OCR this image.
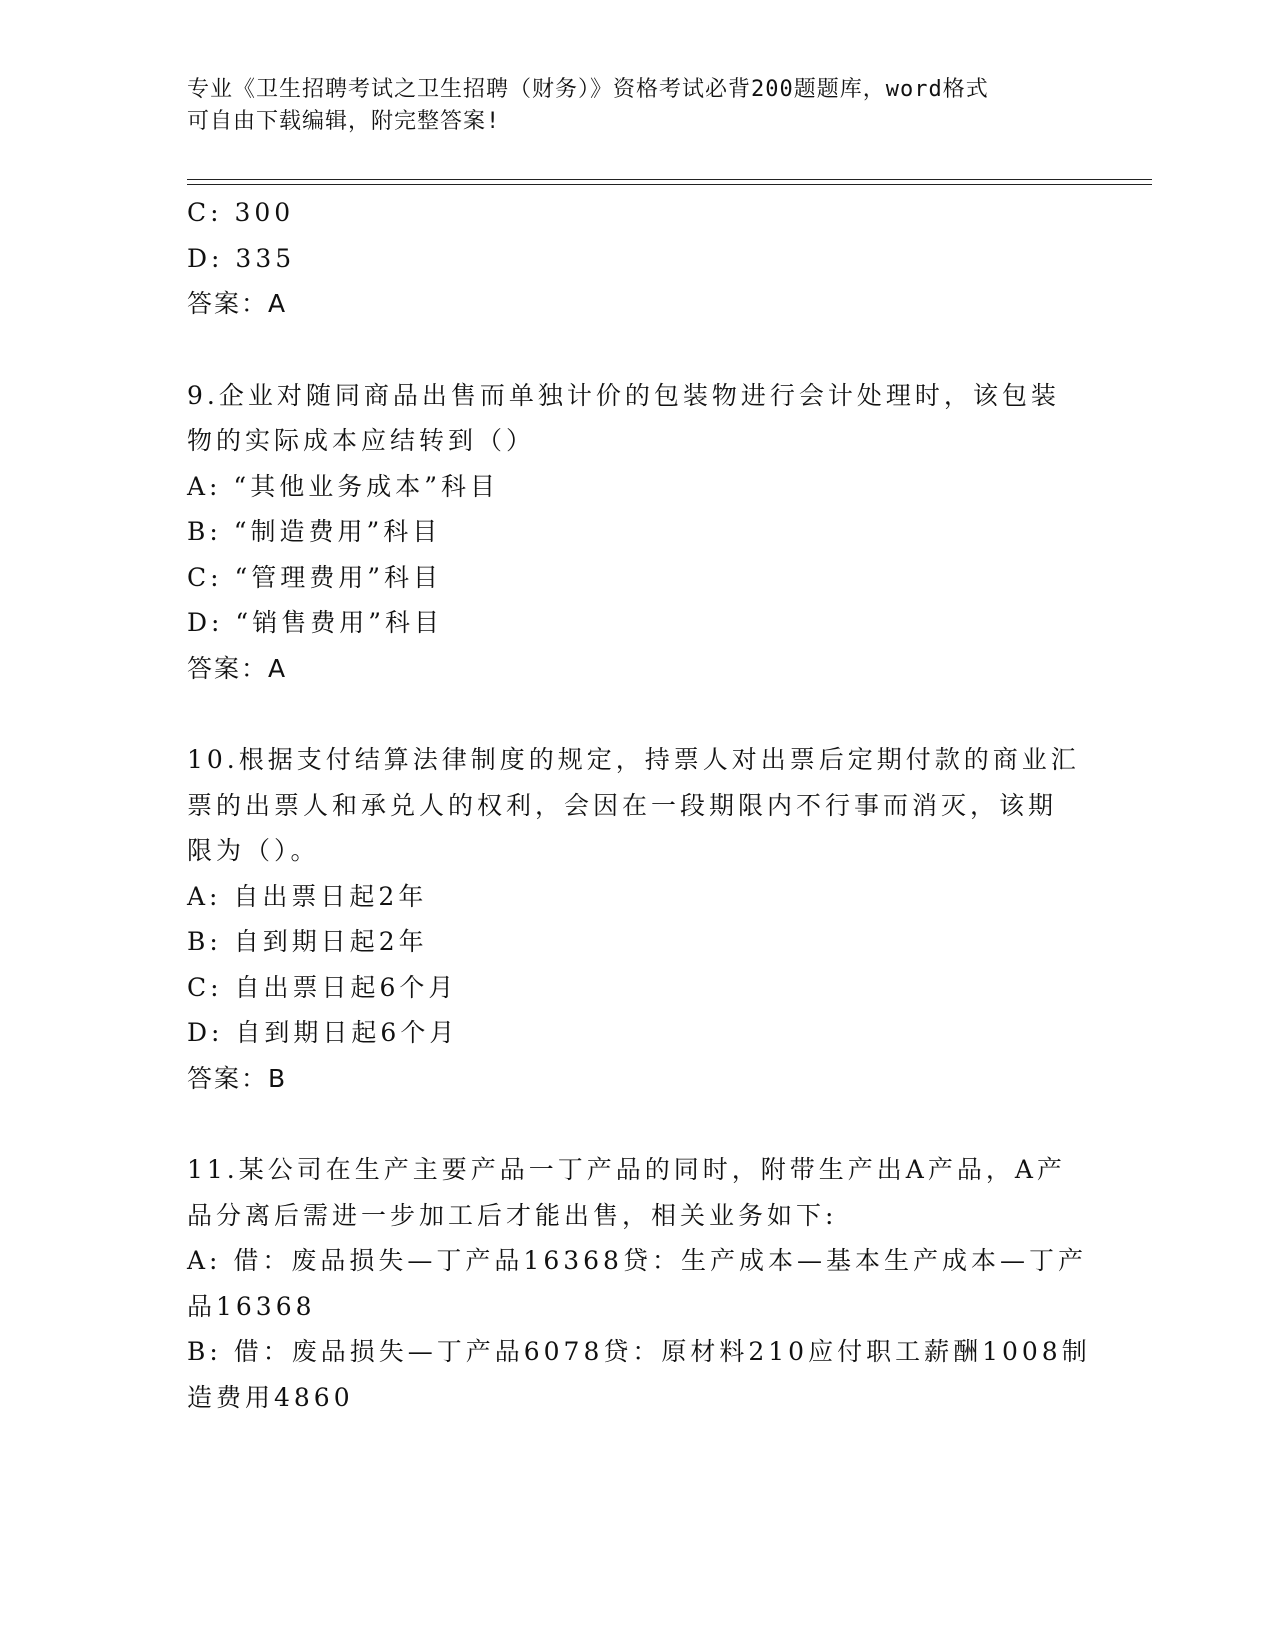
专业《卫生招聘考试之卫生招聘（财务）》资格考试必背200题题库，word格式
可自由下载编辑，附完整答案!
C: 300
D: 335
答案：A
9.企业对随同商品出售而单独计价的包装物进行会计处理时，该包装
物的实际成本应结转到（）
A: “其他业务成本”科目
B: “制造费用”科目
C: “管理费用”科目
D: “销售费用”科目
答案：A
10.根据支付结算法律制度的规定，持票人对出票后定期付款的商业汇
票的出票人和承兑人的权利，会因在一段期限内不行事而消灭，该期
限为（）。
A: 自出票日起2年
B: 自到期日起2年
C: 自出票日起6个月
D: 自到期日起6个月
答案：B
11.某公司在生产主要产品一丁产品的同时，附带生产出A产品，A产
品分离后需进一步加工后才能出售，相关业务如下:
A: 借：废品损失—丁产品16368贷：生产成本—基本生产成本—丁产
品16368
B: 借：废品损失—丁产品6078贷：原材料210应付职工薪酬1008制
造费用4860
